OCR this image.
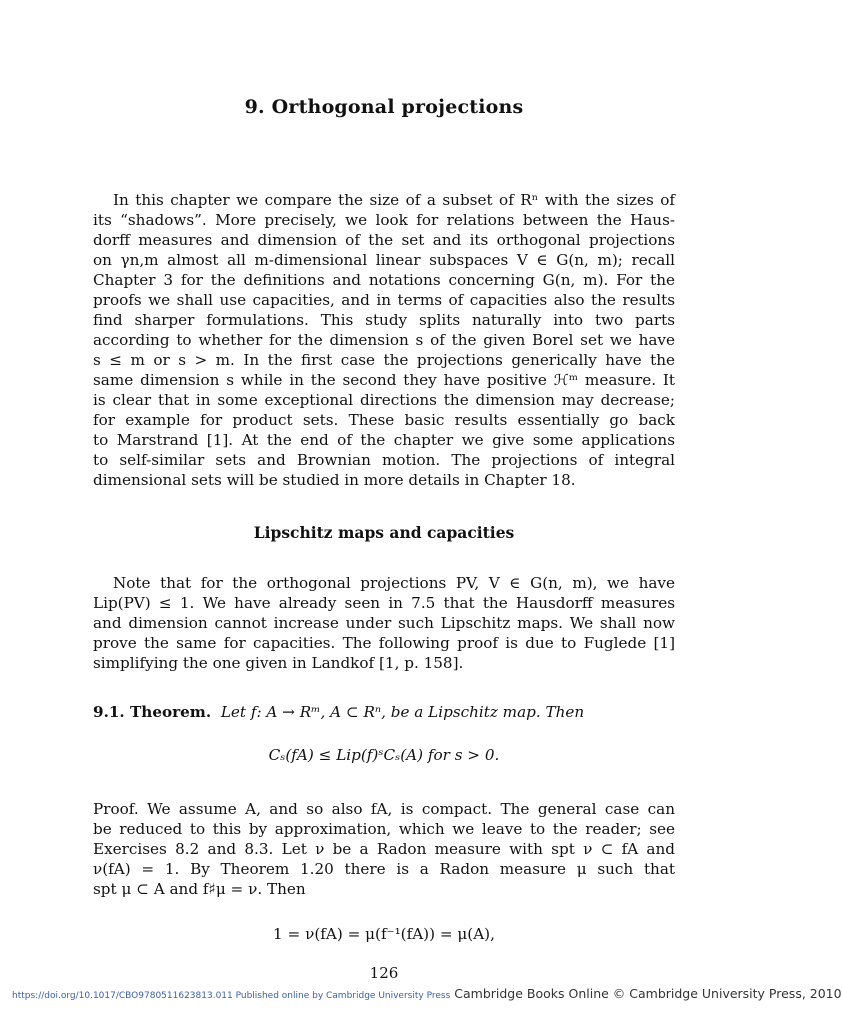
9. Orthogonal projections
In this chapter we compare the size of a subset of Rⁿ with the sizes of
its “shadows”. More precisely, we look for relations between the Haus-
dorff measures and dimension of the set and its orthogonal projections
on γn,m almost all m-dimensional linear subspaces V ∈ G(n, m); recall
Chapter 3 for the definitions and notations concerning G(n, m). For the
proofs we shall use capacities, and in terms of capacities also the results
find sharper formulations. This study splits naturally into two parts
according to whether for the dimension s of the given Borel set we have
s ≤ m or s > m. In the first case the projections generically have the
same dimension s while in the second they have positive ℋᵐ measure. It
is clear that in some exceptional directions the dimension may decrease;
for example for product sets. These basic results essentially go back
to Marstrand [1]. At the end of the chapter we give some applications
to self-similar sets and Brownian motion. The projections of integral
dimensional sets will be studied in more details in Chapter 18.
Lipschitz maps and capacities
Note that for the orthogonal projections PV, V ∈ G(n, m), we have
Lip(PV) ≤ 1. We have already seen in 7.5 that the Hausdorff measures
and dimension cannot increase under such Lipschitz maps. We shall now
prove the same for capacities. The following proof is due to Fuglede [1]
simplifying the one given in Landkof [1, p. 158].
9.1. Theorem. Let f: A → Rᵐ, A ⊂ Rⁿ, be a Lipschitz map. Then
Cₛ(fA) ≤ Lip(f)ˢCₛ(A) for s > 0.
Proof. We assume A, and so also fA, is compact. The general case can
be reduced to this by approximation, which we leave to the reader; see
Exercises 8.2 and 8.3. Let ν be a Radon measure with spt ν ⊂ fA and
ν(fA) = 1. By Theorem 1.20 there is a Radon measure μ such that
spt μ ⊂ A and f♯μ = ν. Then
1 = ν(fA) = μ(f⁻¹(fA)) = μ(A),
126
https://doi.org/10.1017/CBO9780511623813.011 Published online by Cambridge University Press Cambridge Books Online © Cambridge University Press, 2010
